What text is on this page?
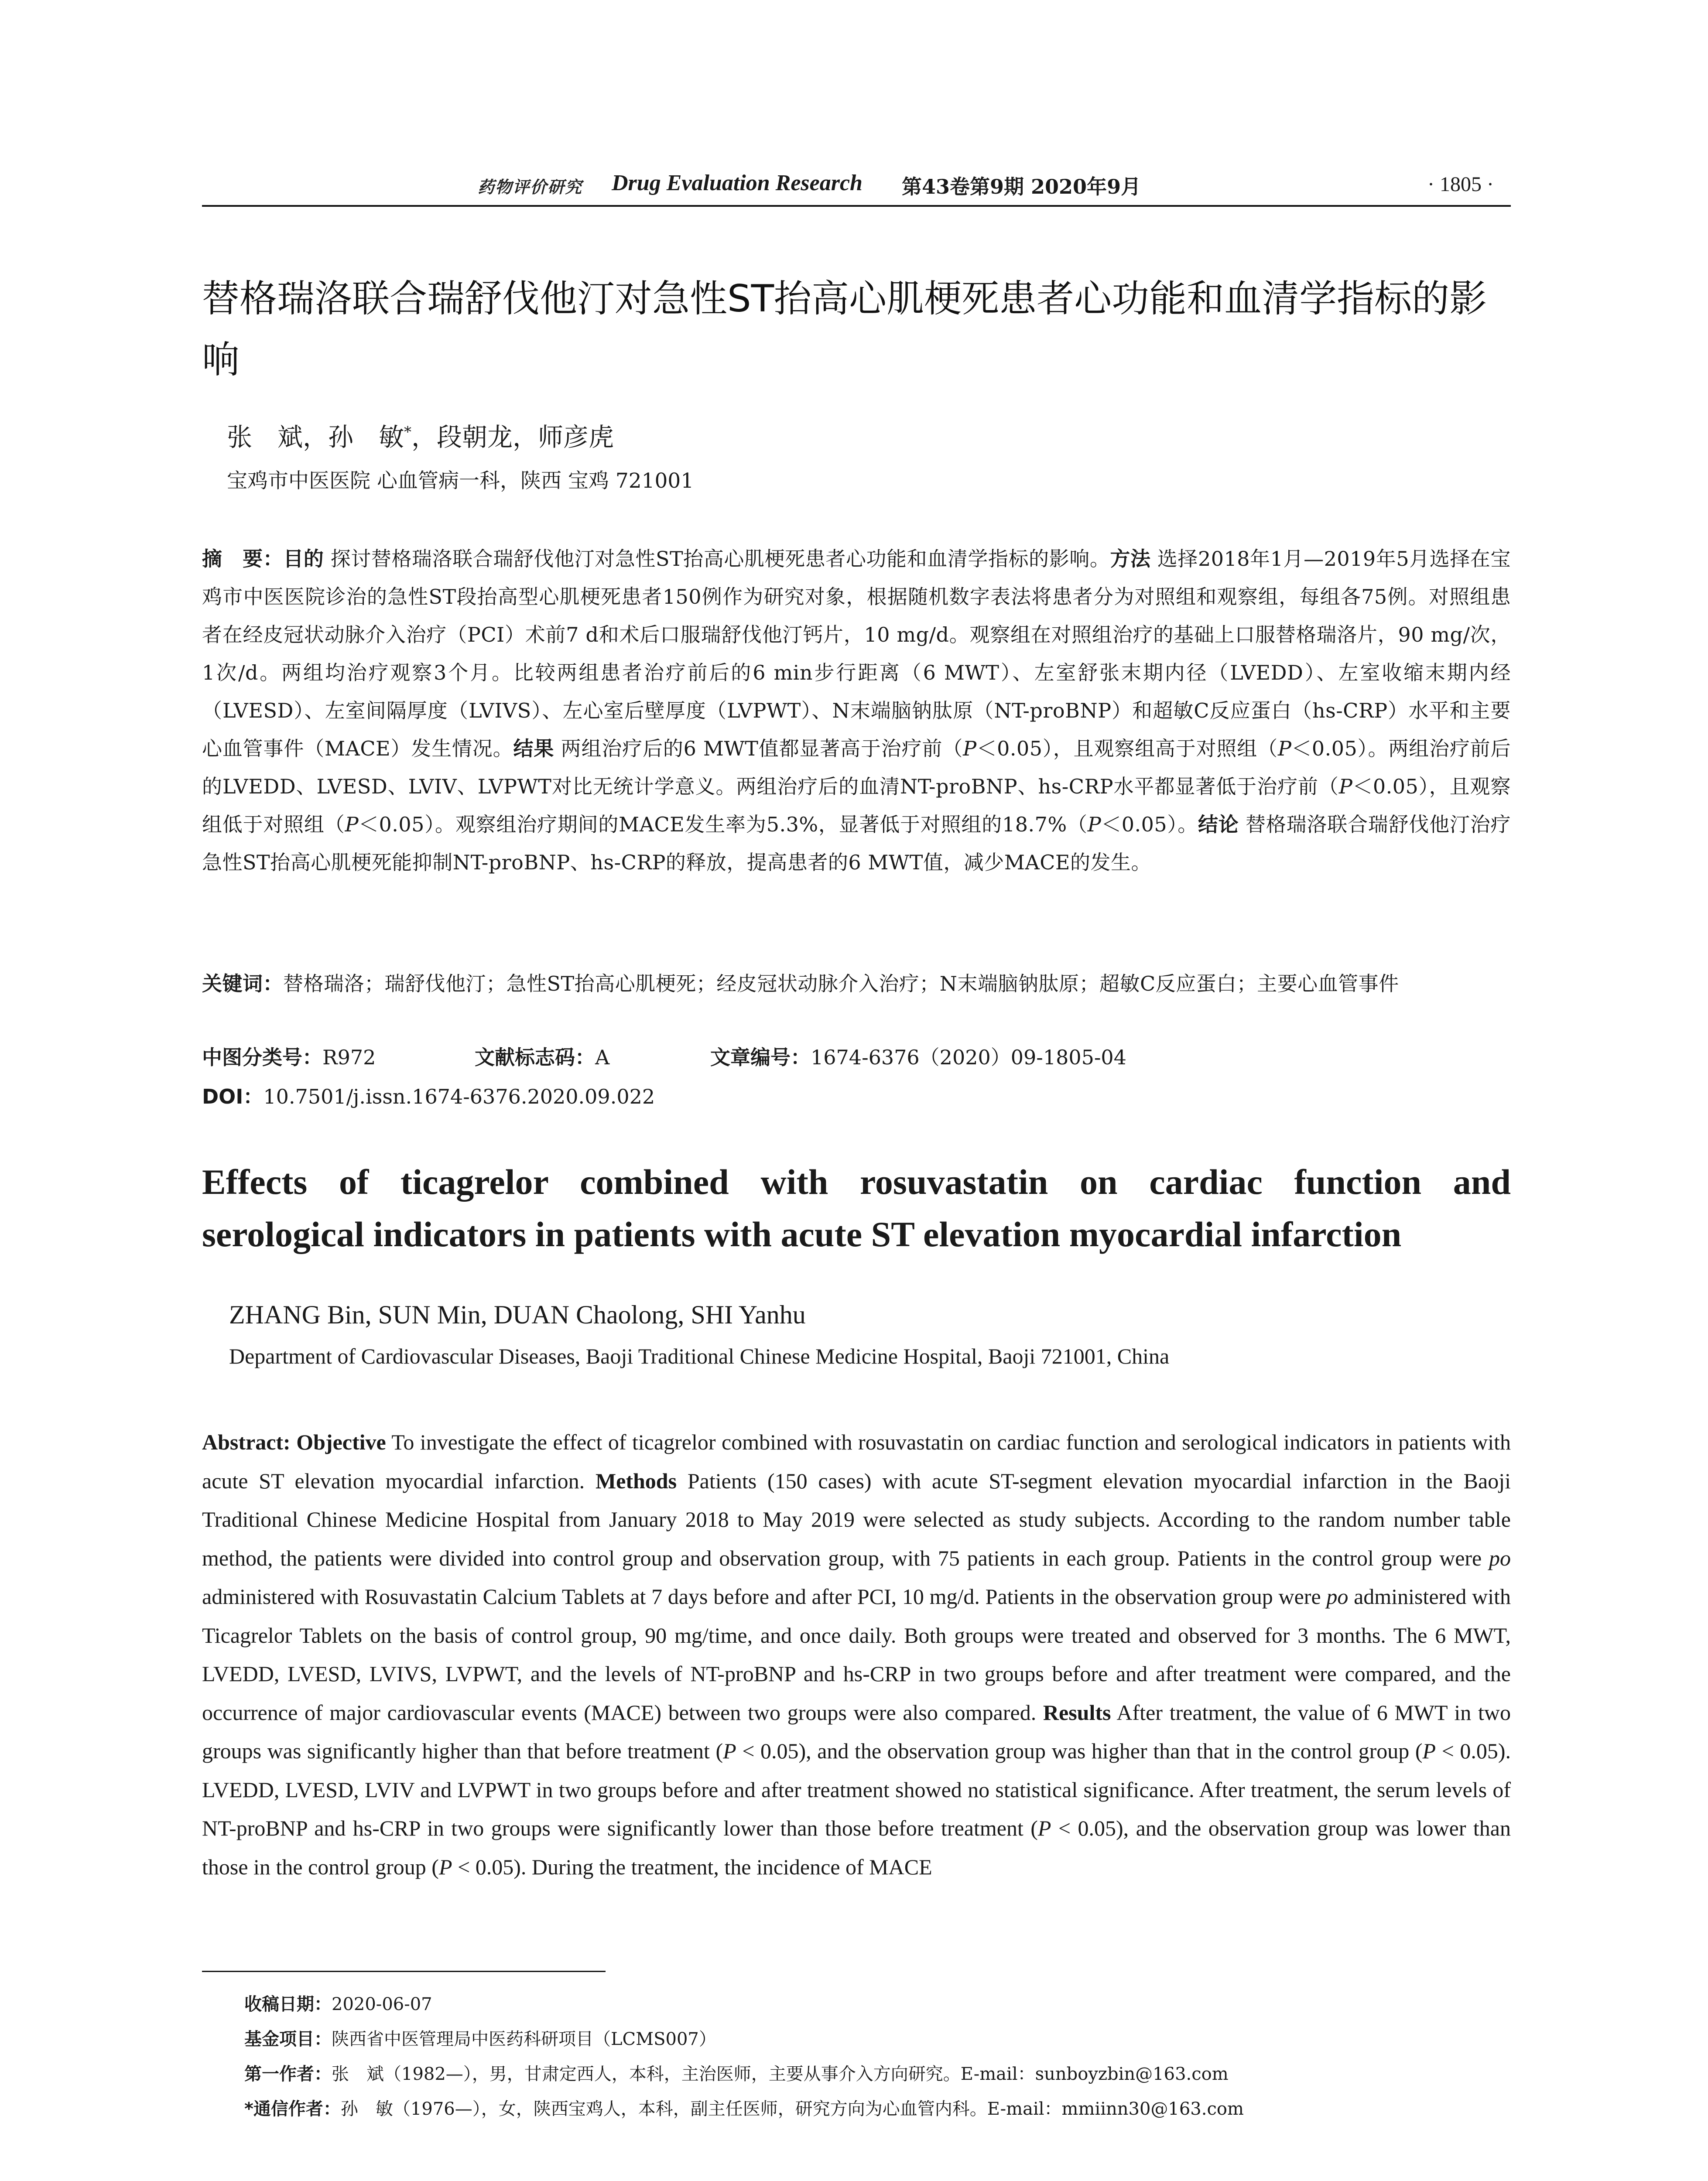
药物评价研究 Drug Evaluation Research 第43卷第9期 2020年9月	· 1805 ·
替格瑞洛联合瑞舒伐他汀对急性ST抬高心肌梗死患者心功能和血清学指标的影响
张　斌，孙　敏*，段朝龙，师彦虎
宝鸡市中医医院 心血管病一科，陕西 宝鸡 721001
摘　要：目的 探讨替格瑞洛联合瑞舒伐他汀对急性ST抬高心肌梗死患者心功能和血清学指标的影响。方法 选择2018年1月—2019年5月选择在宝鸡市中医医院诊治的急性ST段抬高型心肌梗死患者150例作为研究对象，根据随机数字表法将患者分为对照组和观察组，每组各75例。对照组患者在经皮冠状动脉介入治疗（PCI）术前7 d和术后口服瑞舒伐他汀钙片，10 mg/d。观察组在对照组治疗的基础上口服替格瑞洛片，90 mg/次，1次/d。两组均治疗观察3个月。比较两组患者治疗前后的6 min步行距离（6 MWT）、左室舒张末期内径（LVEDD）、左室收缩末期内经（LVESD）、左室间隔厚度（LVIVS）、左心室后壁厚度（LVPWT）、N末端脑钠肽原（NT-proBNP）和超敏C反应蛋白（hs-CRP）水平和主要心血管事件（MACE）发生情况。结果 两组治疗后的6 MWT值都显著高于治疗前（P＜0.05），且观察组高于对照组（P＜0.05）。两组治疗前后的LVEDD、LVESD、LVIV、LVPWT对比无统计学意义。两组治疗后的血清NT-proBNP、hs-CRP水平都显著低于治疗前（P＜0.05），且观察组低于对照组（P＜0.05）。观察组治疗期间的MACE发生率为5.3%，显著低于对照组的18.7%（P＜0.05）。结论 替格瑞洛联合瑞舒伐他汀治疗急性ST抬高心肌梗死能抑制NT-proBNP、hs-CRP的释放，提高患者的6 MWT值，减少MACE的发生。
关键词：替格瑞洛；瑞舒伐他汀；急性ST抬高心肌梗死；经皮冠状动脉介入治疗；N末端脑钠肽原；超敏C反应蛋白；主要心血管事件
中图分类号：R972	文献标志码：A	文章编号：1674-6376（2020）09-1805-04
DOI：10.7501/j.issn.1674-6376.2020.09.022
Effects of ticagrelor combined with rosuvastatin on cardiac function and
serological indicators in patients with acute ST elevation myocardial infarction
ZHANG Bin, SUN Min, DUAN Chaolong, SHI Yanhu
Department of Cardiovascular Diseases, Baoji Traditional Chinese Medicine Hospital, Baoji 721001, China
Abstract: Objective To investigate the effect of ticagrelor combined with rosuvastatin on cardiac function and serological indicators in patients with acute ST elevation myocardial infarction. Methods Patients (150 cases) with acute ST-segment elevation myocardial infarction in the Baoji Traditional Chinese Medicine Hospital from January 2018 to May 2019 were selected as study subjects. According to the random number table method, the patients were divided into control group and observation group, with 75 patients in each group. Patients in the control group were po administered with Rosuvastatin Calcium Tablets at 7 days before and after PCI, 10 mg/d. Patients in the observation group were po administered with Ticagrelor Tablets on the basis of control group, 90 mg/time, and once daily. Both groups were treated and observed for 3 months. The 6 MWT, LVEDD, LVESD, LVIVS, LVPWT, and the levels of NT-proBNP and hs-CRP in two groups before and after treatment were compared, and the occurrence of major cardiovascular events (MACE) between two groups were also compared. Results After treatment, the value of 6 MWT in two groups was significantly higher than that before treatment (P < 0.05), and the observation group was higher than that in the control group (P < 0.05). LVEDD, LVESD, LVIV and LVPWT in two groups before and after treatment showed no statistical significance. After treatment, the serum levels of NT-proBNP and hs-CRP in two groups were significantly lower than those before treatment (P < 0.05), and the observation group was lower than those in the control group (P < 0.05). During the treatment, the incidence of MACE
收稿日期：2020-06-07
基金项目：陕西省中医管理局中医药科研项目（LCMS007）
第一作者：张　斌（1982—），男，甘肃定西人，本科，主治医师，主要从事介入方向研究。E-mail：sunboyzbin@163.com
*通信作者：孙　敏（1976—），女，陕西宝鸡人，本科，副主任医师，研究方向为心血管内科。E-mail：mmiinn30@163.com
